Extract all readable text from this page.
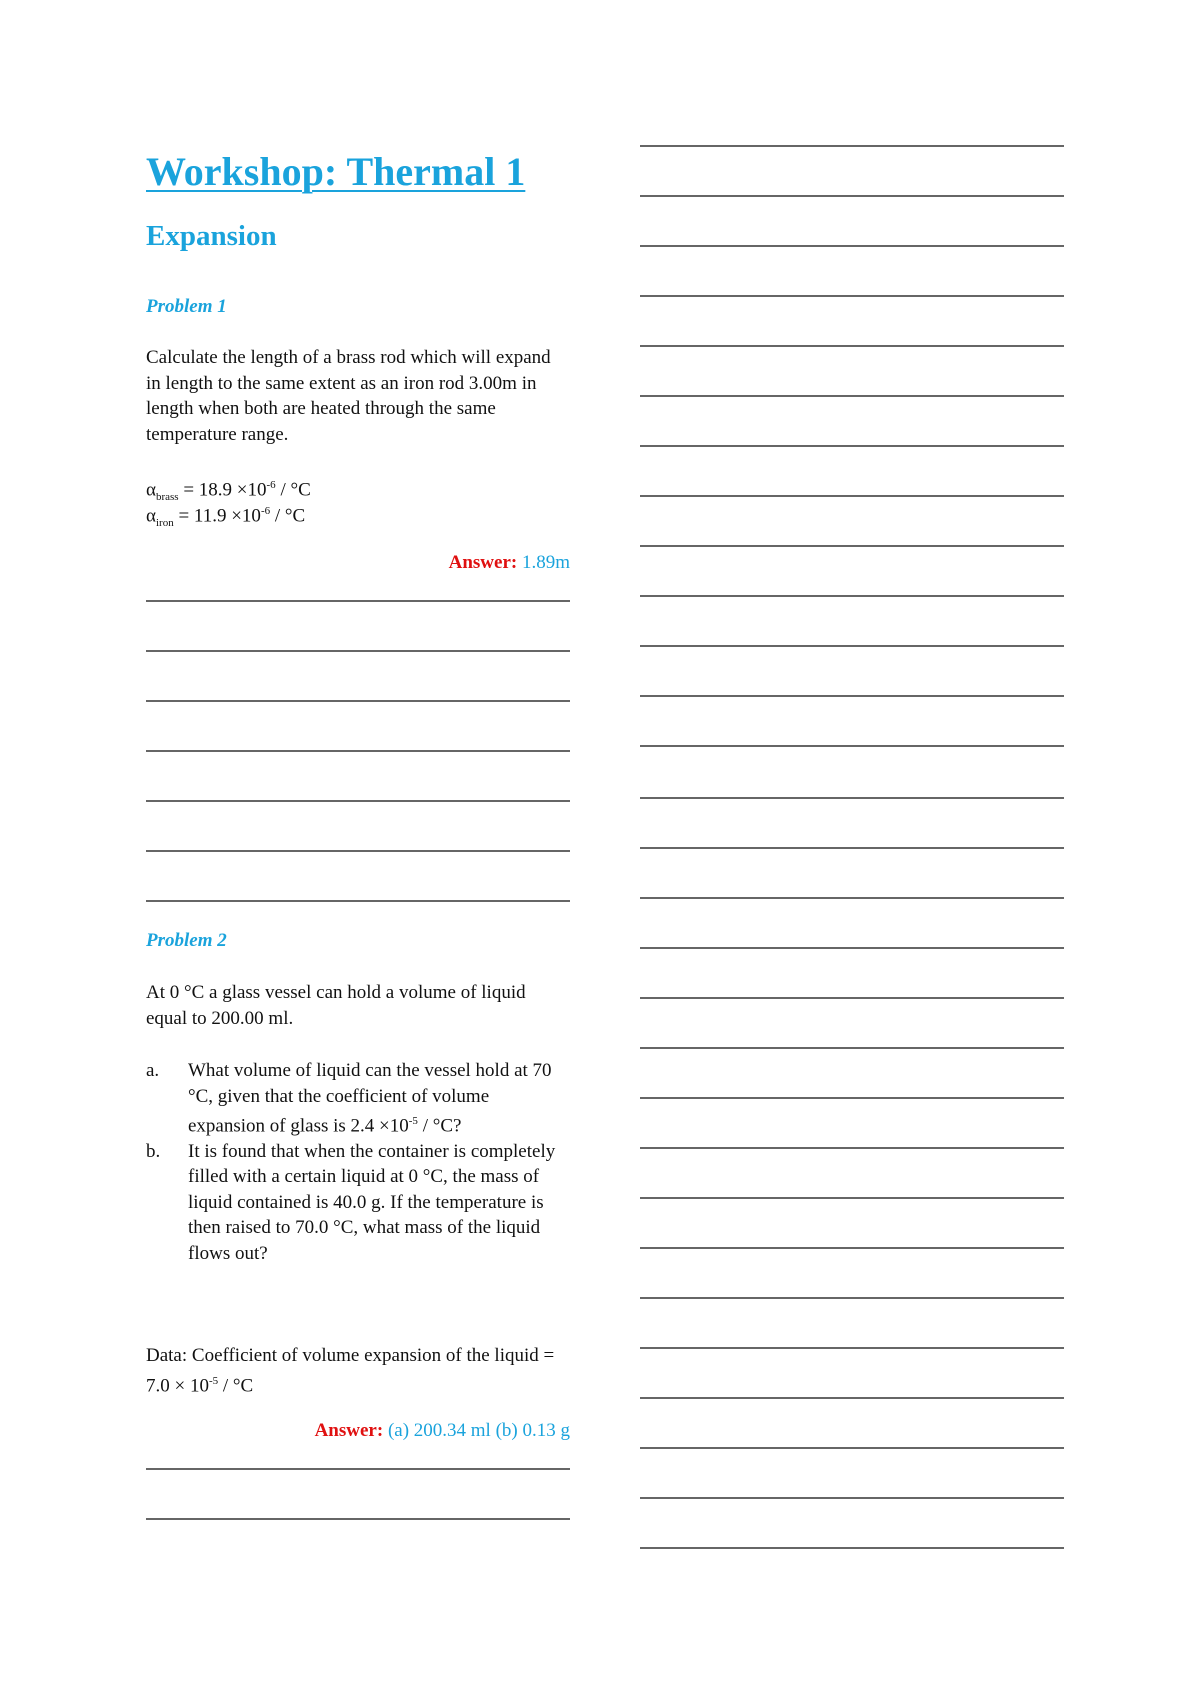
Workshop: Thermal 1
Expansion
Problem 1

Calculate the length of a brass rod which will expand in length to the same extent as an iron rod 3.00m in length when both are heated through the same temperature range.

$\alpha_{brass} = 18.9 \times 10^{-6} / ^\circ C$
$\alpha_{iron} = 11.9 \times 10^{-6} / ^\circ C$
Answer: 1.89m
Problem 2

At 0 °C a glass vessel can hold a volume of liquid equal to 200.00 ml.

a.	What volume of liquid can the vessel hold at 70 °C, given that the coefficient of volume expansion of glass is $2.4 \times 10^{-5} / ^\circ C$?
b.	It is found that when the container is completely filled with a certain liquid at 0 °C, the mass of liquid contained is 40.0 g. If the temperature is then raised to 70.0 °C, what mass of the liquid flows out?

Data: Coefficient of volume expansion of the liquid = $7.0 \times 10^{-5} / ^\circ C$

Answer: (a) 200.34 ml (b) 0.13 g
